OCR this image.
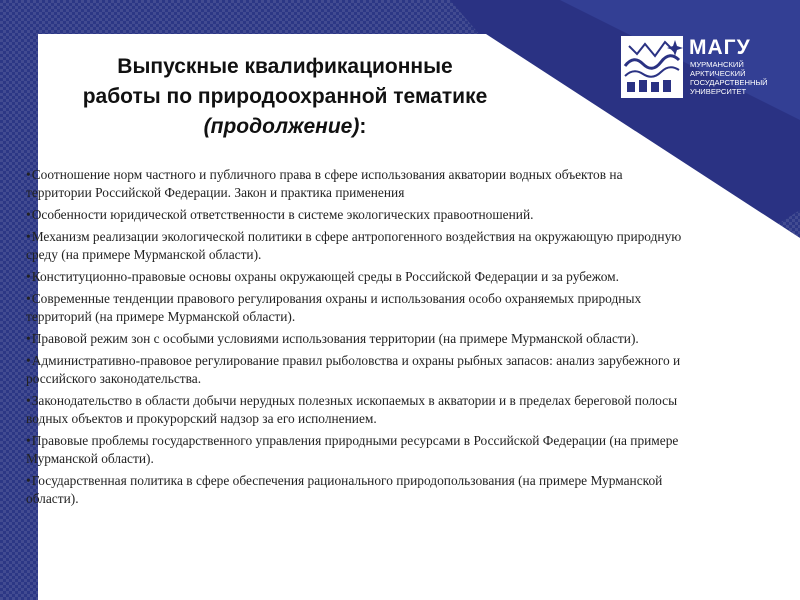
Выпускные квалификационные
работы по природоохранной тематике
(продолжение):
•Соотношение норм частного и публичного права в сфере использования акватории водных объектов на территории Российской Федерации. Закон и практика применения
•Особенности юридической ответственности в системе экологических правоотношений.
•Механизм реализации экологической политики в сфере антропогенного воздействия на окружающую природную среду (на примере Мурманской области).
•Конституционно-правовые основы охраны окружающей среды в Российской Федерации и за рубежом.
•Современные тенденции правового регулирования охраны и использования особо охраняемых природных территорий (на примере Мурманской области).
•Правовой режим зон с особыми условиями использования территории (на примере Мурманской области).
•Административно-правовое регулирование правил рыболовства и охраны рыбных запасов: анализ зарубежного и российского законодательства.
•Законодательство в области добычи нерудных полезных ископаемых в акватории и в пределах береговой полосы водных объектов и прокурорский надзор за его исполнением.
•Правовые проблемы государственного управления природными ресурсами в Российской Федерации (на примере Мурманской области).
•Государственная политика в сфере обеспечения рационального природопользования (на примере Мурманской области).
МАГУ
МУРМАНСКИЙ
АРКТИЧЕСКИЙ
ГОСУДАРСТВЕННЫЙ
УНИВЕРСИТЕТ
